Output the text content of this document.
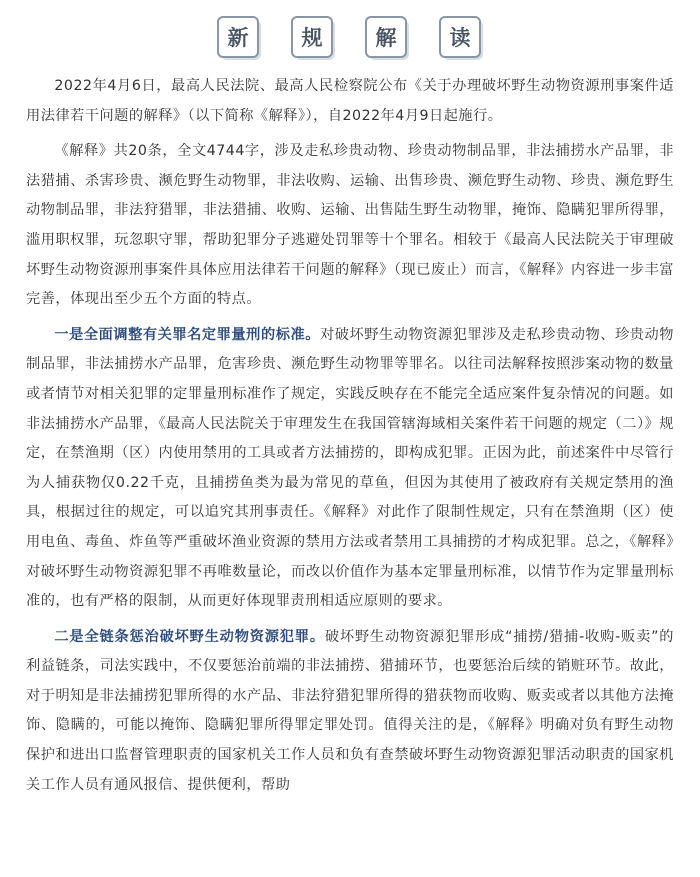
新	规	解	读

2022年4月6日，最高人民法院、最高人民检察院公布《关于办理破坏野生动物资源刑事案件适用法律若干问题的解释》（以下简称《解释》），自2022年4月9日起施行。

《解释》共20条，全文4744字，涉及走私珍贵动物、珍贵动物制品罪，非法捕捞水产品罪，非法猎捕、杀害珍贵、濒危野生动物罪，非法收购、运输、出售珍贵、濒危野生动物、珍贵、濒危野生动物制品罪，非法狩猎罪，非法猎捕、收购、运输、出售陆生野生动物罪，掩饰、隐瞒犯罪所得罪，滥用职权罪，玩忽职守罪，帮助犯罪分子逃避处罚罪等十个罪名。相较于《最高人民法院关于审理破坏野生动物资源刑事案件具体应用法律若干问题的解释》（现已废止）而言，《解释》内容进一步丰富完善，体现出至少五个方面的特点。

一是全面调整有关罪名定罪量刑的标准。对破坏野生动物资源犯罪涉及走私珍贵动物、珍贵动物制品罪，非法捕捞水产品罪，危害珍贵、濒危野生动物罪等罪名。以往司法解释按照涉案动物的数量或者情节对相关犯罪的定罪量刑标准作了规定，实践反映存在不能完全适应案件复杂情况的问题。如非法捕捞水产品罪，《最高人民法院关于审理发生在我国管辖海域相关案件若干问题的规定（二）》规定，在禁渔期（区）内使用禁用的工具或者方法捕捞的，即构成犯罪。正因为此，前述案件中尽管行为人捕获物仅0.22千克，且捕捞鱼类为最为常见的草鱼，但因为其使用了被政府有关规定禁用的渔具，根据过往的规定，可以追究其刑事责任。《解释》对此作了限制性规定，只有在禁渔期（区）使用电鱼、毒鱼、炸鱼等严重破坏渔业资源的禁用方法或者禁用工具捕捞的才构成犯罪。总之，《解释》对破坏野生动物资源犯罪不再唯数量论，而改以价值作为基本定罪量刑标准，以情节作为定罪量刑标准的，也有严格的限制，从而更好体现罪责刑相适应原则的要求。

二是全链条惩治破坏野生动物资源犯罪。破坏野生动物资源犯罪形成“捕捞/猎捕-收购-贩卖”的利益链条，司法实践中，不仅要惩治前端的非法捕捞、猎捕环节，也要惩治后续的销赃环节。故此，对于明知是非法捕捞犯罪所得的水产品、非法狩猎犯罪所得的猎获物而收购、贩卖或者以其他方法掩饰、隐瞒的，可能以掩饰、隐瞒犯罪所得罪定罪处罚。值得关注的是，《解释》明确对负有野生动物保护和进出口监督管理职责的国家机关工作人员和负有查禁破坏野生动物资源犯罪活动职责的国家机关工作人员有通风报信、提供便利，帮助
